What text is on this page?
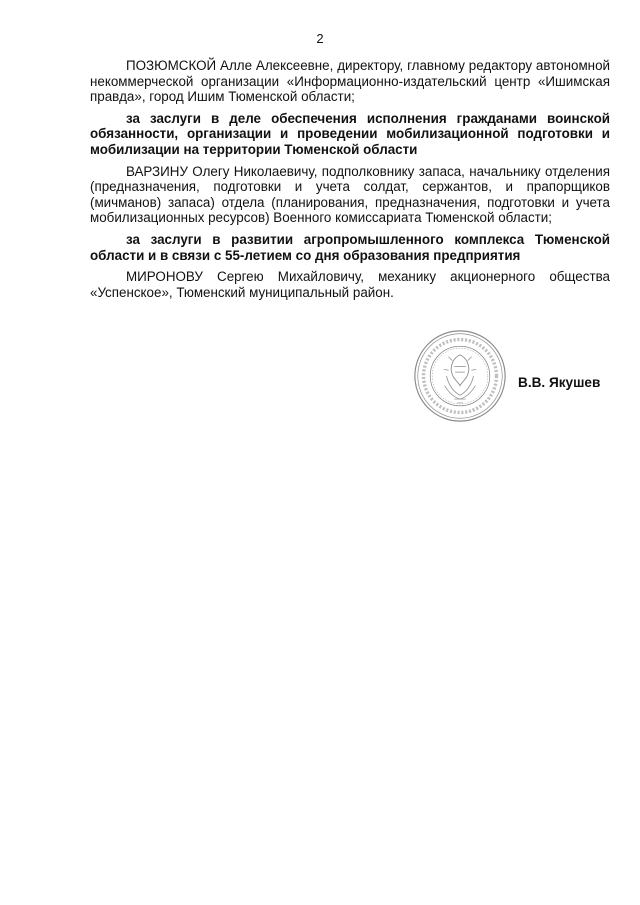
2

ПОЗЮМСКОЙ Алле Алексеевне, директору, главному редактору автономной некоммерческой организации «Информационно-издательский центр «Ишимская правда», город Ишим Тюменской области;

за заслуги в деле обеспечения исполнения гражданами воинской обязанности, организации и проведении мобилизационной подготовки и мобилизации на территории Тюменской области

ВАРЗИНУ Олегу Николаевичу, подполковнику запаса, начальнику отделения (предназначения, подготовки и учета солдат, сержантов, и прапорщиков (мичманов) запаса) отдела (планирования, предназначения, подготовки и учета мобилизационных ресурсов) Военного комиссариата Тюменской области;

за заслуги в развитии агропромышленного комплекса Тюменской области и в связи с 55-летием со дня образования предприятия

МИРОНОВУ Сергею Михайловичу, механику акционерного общества «Успенское», Тюменский муниципальный район.

В.В. Якушев
